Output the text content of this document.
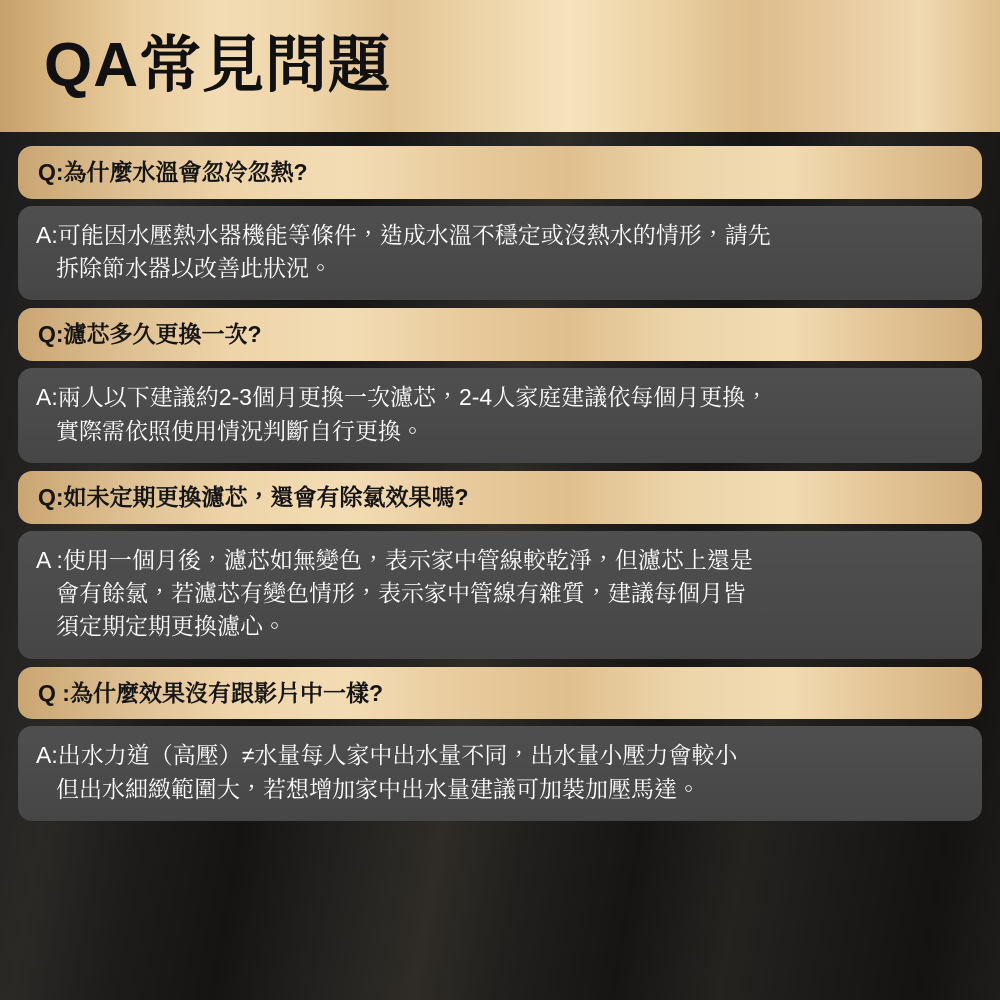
QA常見問題
Q:為什麼水溫會忽冷忽熱?
A:可能因水壓熱水器機能等條件，造成水溫不穩定或沒熱水的情形，請先
拆除節水器以改善此狀況。
Q:濾芯多久更換一次?
A:兩人以下建議約2-3個月更換一次濾芯，2-4人家庭建議依每個月更換，
實際需依照使用情況判斷自行更換。
Q:如未定期更換濾芯，還會有除氯效果嗎?
A :使用一個月後，濾芯如無變色，表示家中管線較乾淨，但濾芯上還是
會有餘氯，若濾芯有變色情形，表示家中管線有雜質，建議每個月皆
須定期定期更換濾心。
Q :為什麼效果沒有跟影片中一樣?
A:出水力道（高壓）≠水量每人家中出水量不同，出水量小壓力會較小
但出水細緻範圍大，若想增加家中出水量建議可加裝加壓馬達。
